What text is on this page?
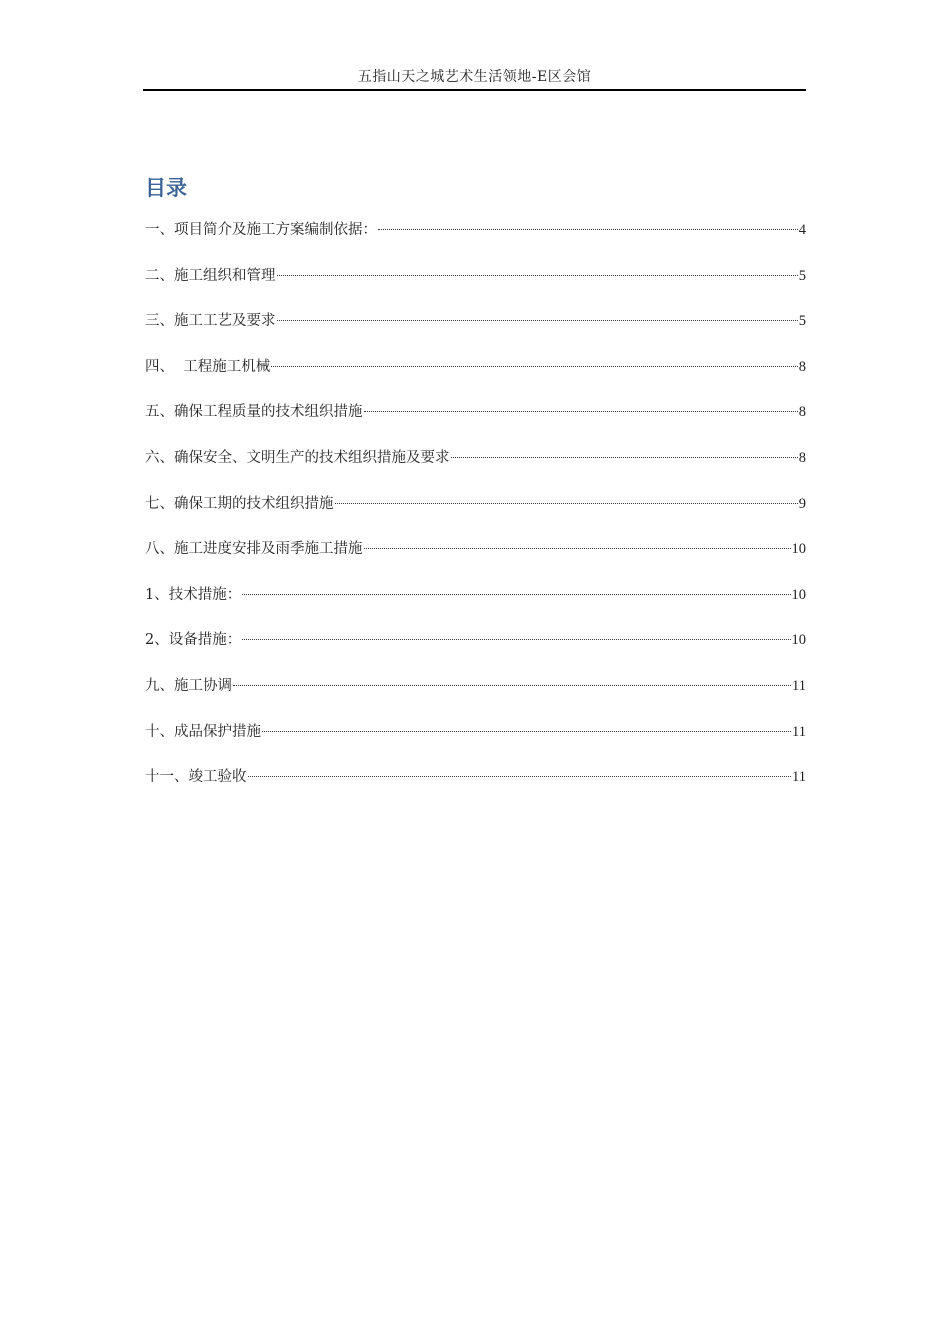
五指山天之城艺术生活领地-E区会馆
目录
一、项目简介及施工方案编制依据：	4
二、施工组织和管理	5
三、施工工艺及要求	5
四、  工程施工机械	8
五、确保工程质量的技术组织措施	8
六、确保安全、文明生产的技术组织措施及要求	8
七、确保工期的技术组织措施	9
八、施工进度安排及雨季施工措施	10
1、技术措施：	10
2、设备措施：	10
九、施工协调	11
十、成品保护措施	11
十一、竣工验收	11
